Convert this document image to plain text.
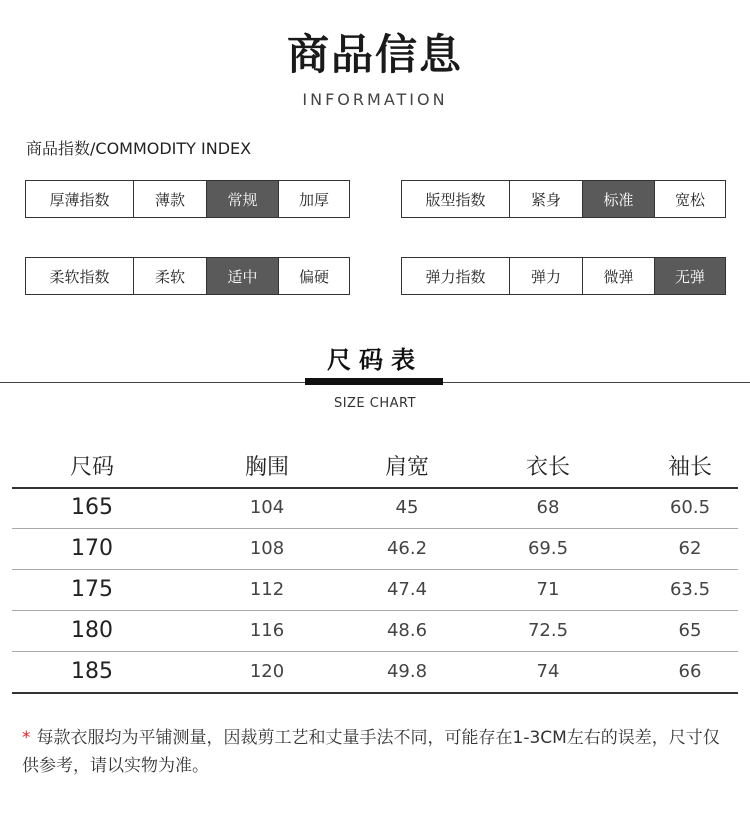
商品信息
INFORMATION
商品指数/COMMODITY INDEX
厚薄指数	薄款	常规	加厚	版型指数	紧身	标准	宽松
柔软指数	柔软	适中	偏硬	弹力指数	弹力	微弹	无弹
尺码表
SIZE CHART
尺码	胸围	肩宽	衣长	袖长
165	104	45	68	60.5
170	108	46.2	69.5	62
175	112	47.4	71	63.5
180	116	48.6	72.5	65
185	120	49.8	74	66
* 每款衣服均为平铺测量，因裁剪工艺和丈量手法不同，可能存在1-3CM左右的误差，尺寸仅供参考，请以实物为准。
